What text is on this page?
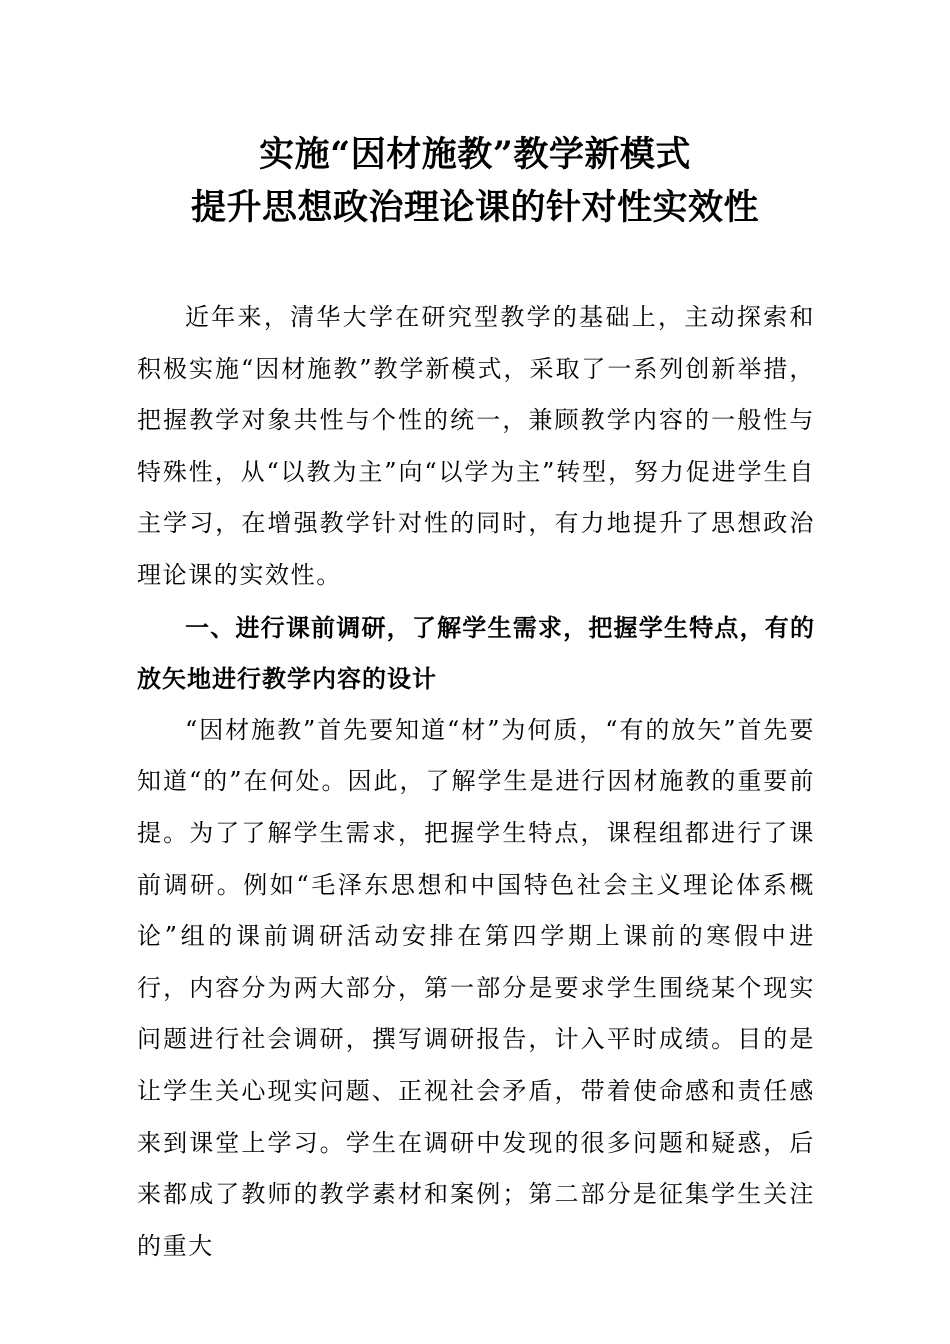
实施“因材施教”教学新模式
提升思想政治理论课的针对性实效性

近年来，清华大学在研究型教学的基础上，主动探索和积极实施“因材施教”教学新模式，采取了一系列创新举措，把握教学对象共性与个性的统一，兼顾教学内容的一般性与特殊性，从“以教为主”向“以学为主”转型，努力促进学生自主学习，在增强教学针对性的同时，有力地提升了思想政治理论课的实效性。

一、进行课前调研，了解学生需求，把握学生特点，有的放矢地进行教学内容的设计

“因材施教”首先要知道“材”为何质，“有的放矢”首先要知道“的”在何处。因此，了解学生是进行因材施教的重要前提。为了了解学生需求，把握学生特点，课程组都进行了课前调研。例如“毛泽东思想和中国特色社会主义理论体系概论”组的课前调研活动安排在第四学期上课前的寒假中进行，内容分为两大部分，第一部分是要求学生围绕某个现实问题进行社会调研，撰写调研报告，计入平时成绩。目的是让学生关心现实问题、正视社会矛盾，带着使命感和责任感来到课堂上学习。学生在调研中发现的很多问题和疑惑，后来都成了教师的教学素材和案例；第二部分是征集学生关注的重大
